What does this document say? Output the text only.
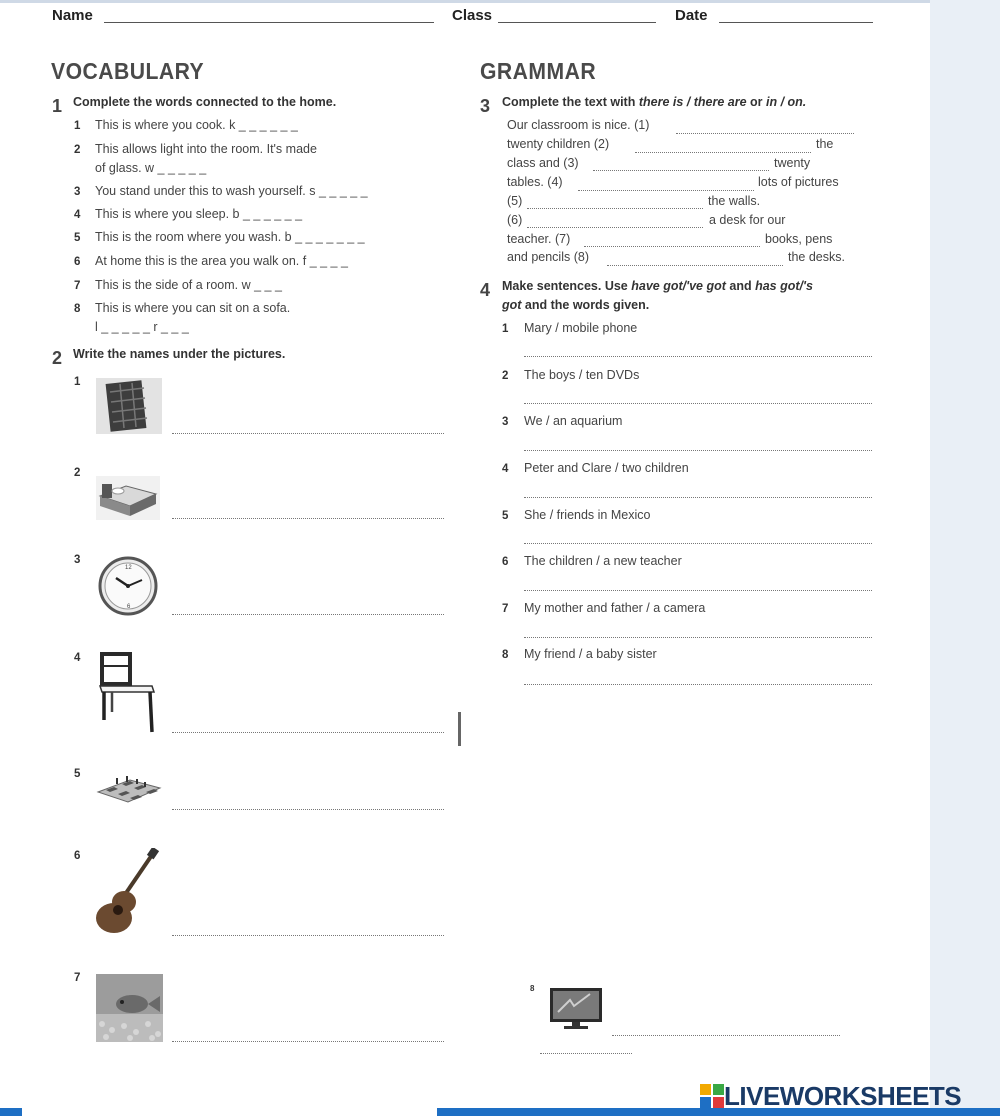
Name	Class	Date
VOCABULARY
1 Complete the words connected to the home.
1 This is where you cook. k _ _ _ _ _ _
2 This allows light into the room. It's made
of glass. w _ _ _ _ _
3 You stand under this to wash yourself. s _ _ _ _ _
4 This is where you sleep. b _ _ _ _ _ _
5 This is the room where you wash. b _ _ _ _ _ _ _
6 At home this is the area you walk on. f _ _ _ _
7 This is the side of a room. w _ _ _
8 This is where you can sit on a sofa.
l _ _ _ _ _ r _ _ _
2 Write the names under the pictures.
1
2
3
12
6
4
5
6
7
GRAMMAR
3 Complete the text with there is / there are or in / on.
Our classroom is nice. (1)
twenty children (2)	the
class and (3)	twenty
tables. (4)	lots of pictures
(5)	the walls.
(6)	a desk for our
teacher. (7)	books, pens
and pencils (8)	the desks.
4 Make sentences. Use have got/'ve got and has got/'s
got and the words given.
1 Mary / mobile phone
2 The boys / ten DVDs
3 We / an aquarium
4 Peter and Clare / two children
5 She / friends in Mexico
6 The children / a new teacher
7 My mother and father / a camera
8 My friend / a baby sister
8
LIVEWORKSHEETS
